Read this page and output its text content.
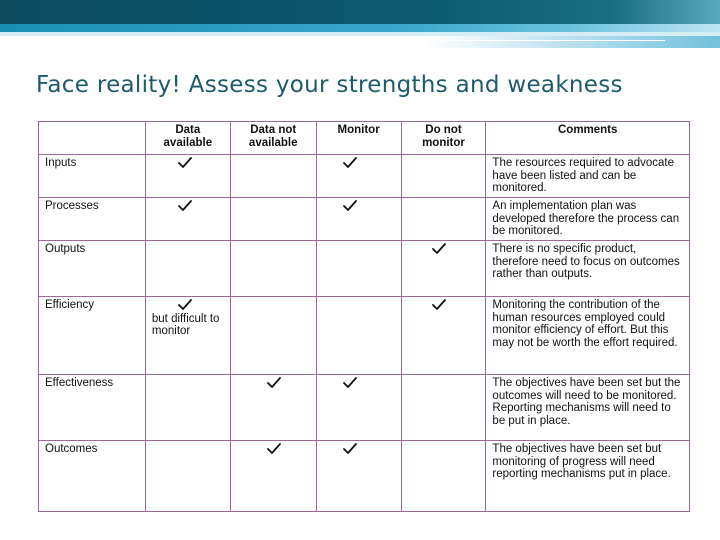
Face reality! Assess your strengths and weakness
	Data available	Data not available	Monitor	Do not monitor	Comments
Inputs					The resources required to advocate have been listed and can be monitored.
Processes					An implementation plan was developed therefore the process can be monitored.
Outputs					There is no specific product, therefore need to focus on outcomes rather than outputs.
Efficiency	but difficult to monitor				Monitoring the contribution of the human resources employed could monitor efficiency of effort. But this may not be worth the effort required.
Effectiveness					The objectives have been set but the outcomes will need to be monitored. Reporting mechanisms will need to be put in place.
Outcomes					The objectives have been set but monitoring of progress will need reporting mechanisms put in place.
